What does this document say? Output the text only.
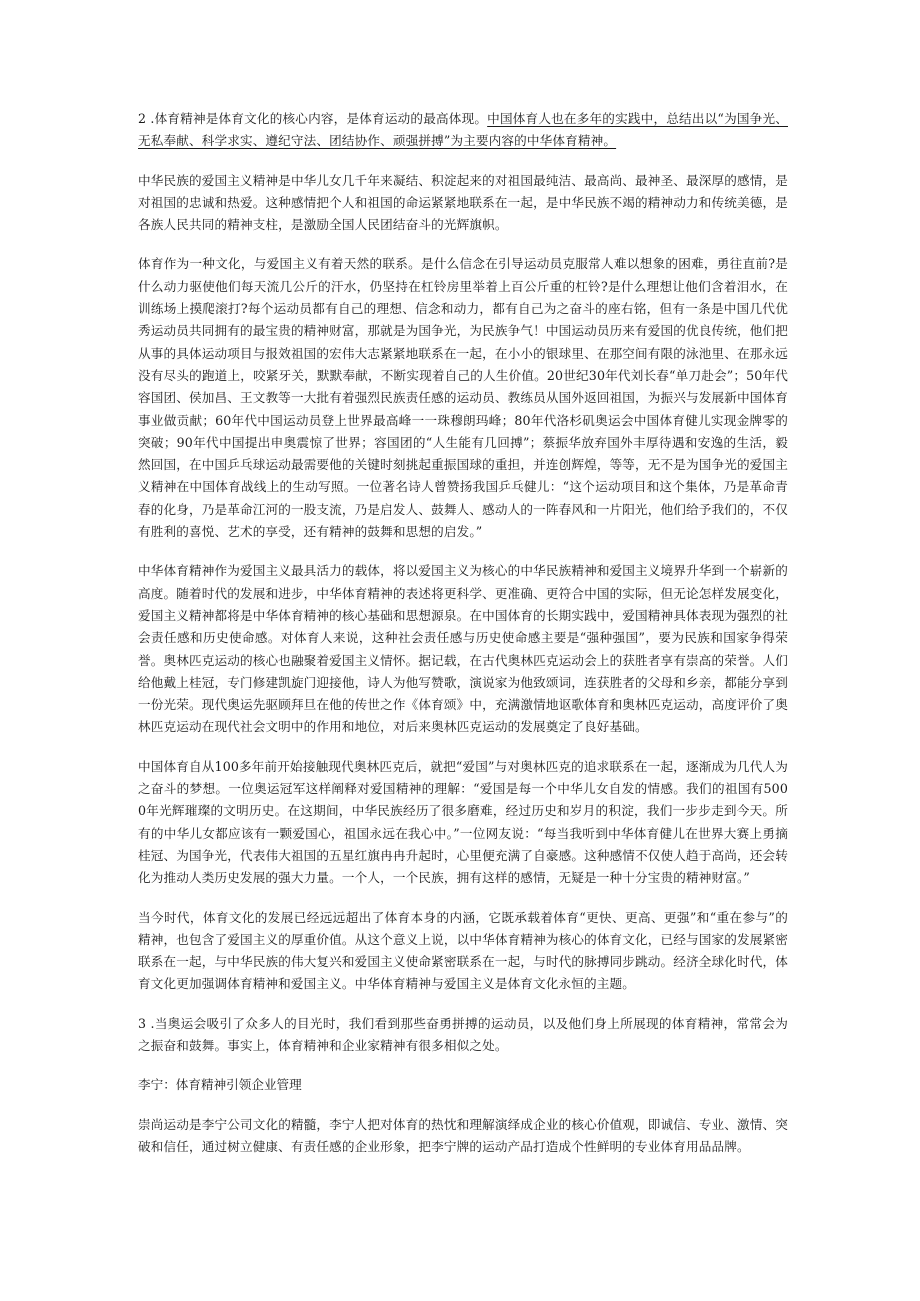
2 .体育精神是体育文化的核心内容，是体育运动的最高体现。中国体育人也在多年的实践中，总结出以“为国争光、无私奉献、科学求实、遵纪守法、团结协作、顽强拼搏”为主要内容的中华体育精神。

中华民族的爱国主义精神是中华儿女几千年来凝结、积淀起来的对祖国最纯洁、最高尚、最神圣、最深厚的感情，是对祖国的忠诚和热爱。这种感情把个人和祖国的命运紧紧地联系在一起，是中华民族不竭的精神动力和传统美德，是各族人民共同的精神支柱，是激励全国人民团结奋斗的光辉旗帜。

体育作为一种文化，与爱国主义有着天然的联系。是什么信念在引导运动员克服常人难以想象的困难，勇往直前?是什么动力驱使他们每天流几公斤的汗水，仍坚持在杠铃房里举着上百公斤重的杠铃?是什么理想让他们含着泪水，在训练场上摸爬滚打?每个运动员都有自己的理想、信念和动力，都有自己为之奋斗的座右铭，但有一条是中国几代优秀运动员共同拥有的最宝贵的精神财富，那就是为国争光，为民族争气！中国运动员历来有爱国的优良传统，他们把从事的具体运动项目与报效祖国的宏伟大志紧紧地联系在一起，在小小的银球里、在那空间有限的泳池里、在那永远没有尽头的跑道上，咬紧牙关，默默奉献，不断实现着自己的人生价值。20世纪30年代刘长春“单刀赴会”；50年代容国团、侯加昌、王文教等一大批有着强烈民族责任感的运动员、教练员从国外返回祖国，为振兴与发展新中国体育事业做贡献；60年代中国运动员登上世界最高峰一一珠穆朗玛峰；80年代洛杉矶奥运会中国体育健儿实现金牌零的突破；90年代中国提出申奥震惊了世界；容国团的“人生能有几回搏”；蔡振华放弃国外丰厚待遇和安逸的生活，毅然回国，在中国乒乓球运动最需要他的关键时刻挑起重振国球的重担，并连创辉煌，等等，无不是为国争光的爱国主义精神在中国体育战线上的生动写照。一位著名诗人曾赞扬我国乒乓健儿：“这个运动项目和这个集体，乃是革命青春的化身，乃是革命江河的一股支流，乃是启发人、鼓舞人、感动人的一阵春风和一片阳光，他们给予我们的，不仅有胜利的喜悦、艺术的享受，还有精神的鼓舞和思想的启发。”

中华体育精神作为爱国主义最具活力的载体，将以爱国主义为核心的中华民族精神和爱国主义境界升华到一个崭新的高度。随着时代的发展和进步，中华体育精神的表述将更科学、更准确、更符合中国的实际，但无论怎样发展变化，爱国主义精神都将是中华体育精神的核心基础和思想源泉。在中国体育的长期实践中，爱国精神具体表现为强烈的社会责任感和历史使命感。对体育人来说，这种社会责任感与历史使命感主要是“强种强国”，要为民族和国家争得荣誉。奥林匹克运动的核心也融聚着爱国主义情怀。据记载，在古代奥林匹克运动会上的获胜者享有崇高的荣誉。人们给他戴上桂冠，专门修建凯旋门迎接他，诗人为他写赞歌，演说家为他致颂词，连获胜者的父母和乡亲，都能分享到一份光荣。现代奥运先驱顾拜旦在他的传世之作《体育颂》中，充满激情地讴歌体育和奥林匹克运动，高度评价了奥林匹克运动在现代社会文明中的作用和地位，对后来奥林匹克运动的发展奠定了良好基础。

中国体育自从100多年前开始接触现代奥林匹克后，就把“爱国”与对奥林匹克的追求联系在一起，逐渐成为几代人为之奋斗的梦想。一位奥运冠军这样阐释对爱国精神的理解：“爱国是每一个中华儿女自发的情感。我们的祖国有5000年光辉璀璨的文明历史。在这期间，中华民族经历了很多磨难，经过历史和岁月的积淀，我们一步步走到今天。所有的中华儿女都应该有一颗爱国心，祖国永远在我心中。”一位网友说：“每当我听到中华体育健儿在世界大赛上勇摘桂冠、为国争光，代表伟大祖国的五星红旗冉冉升起时，心里便充满了自豪感。这种感情不仅使人趋于高尚，还会转化为推动人类历史发展的强大力量。一个人，一个民族，拥有这样的感情，无疑是一种十分宝贵的精神财富。”

当今时代，体育文化的发展已经远远超出了体育本身的内涵，它既承载着体育“更快、更高、更强”和“重在参与”的精神，也包含了爱国主义的厚重价值。从这个意义上说，以中华体育精神为核心的体育文化，已经与国家的发展紧密联系在一起，与中华民族的伟大复兴和爱国主义使命紧密联系在一起，与时代的脉搏同步跳动。经济全球化时代，体育文化更加强调体育精神和爱国主义。中华体育精神与爱国主义是体育文化永恒的主题。

3 .当奥运会吸引了众多人的目光时，我们看到那些奋勇拼搏的运动员，以及他们身上所展现的体育精神，常常会为之振奋和鼓舞。事实上，体育精神和企业家精神有很多相似之处。

李宁：体育精神引领企业管理

崇尚运动是李宁公司文化的精髓，李宁人把对体育的热忱和理解演绎成企业的核心价值观，即诚信、专业、激情、突破和信任，通过树立健康、有责任感的企业形象，把李宁牌的运动产品打造成个性鲜明的专业体育用品品牌。
